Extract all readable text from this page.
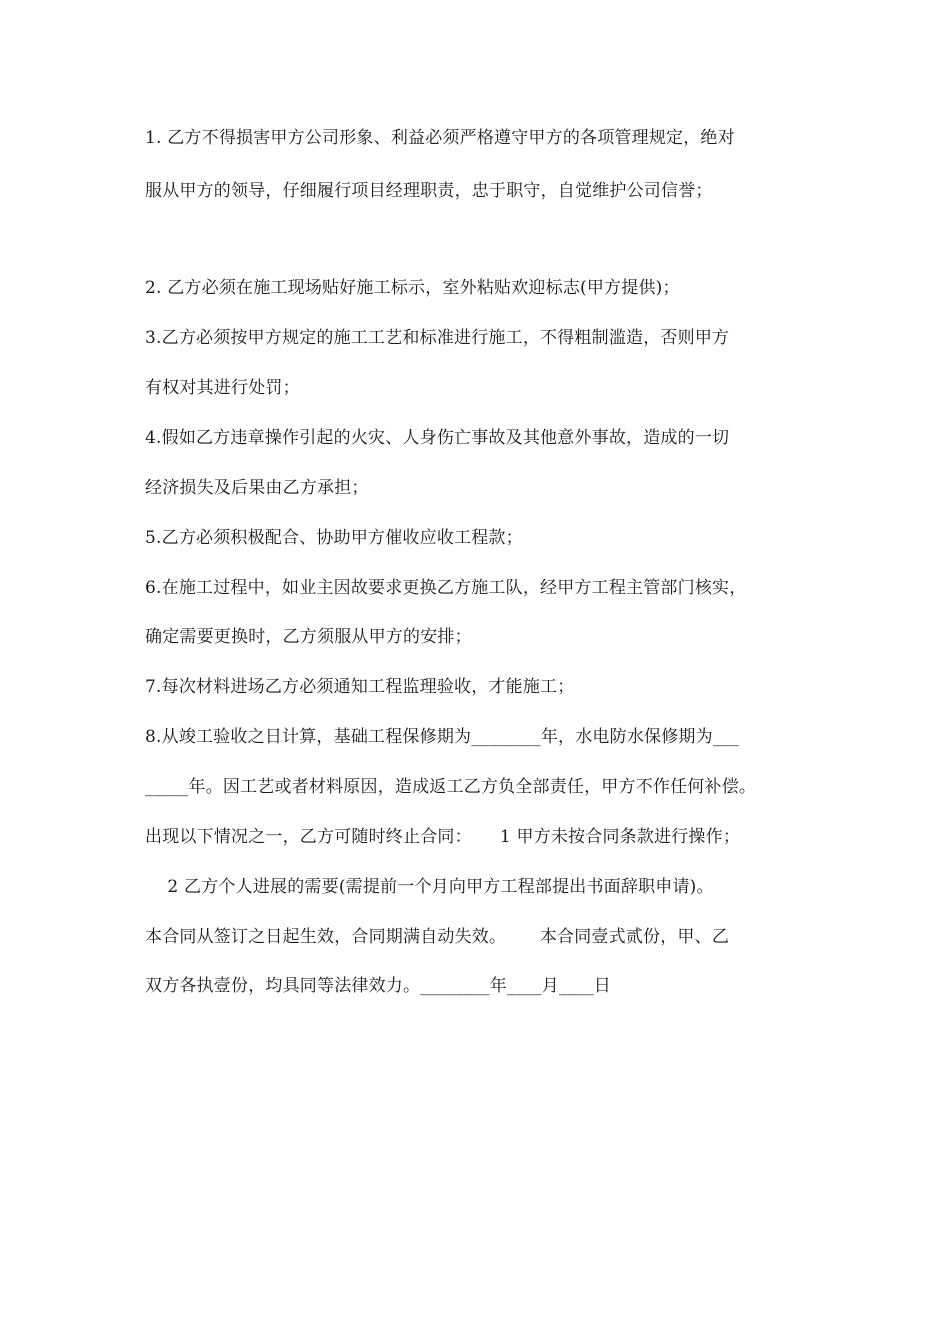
1. 乙方不得损害甲方公司形象、利益必须严格遵守甲方的各项管理规定，绝对
服从甲方的领导，仔细履行项目经理职责，忠于职守，自觉维护公司信誉；
2. 乙方必须在施工现场贴好施工标示，室外粘贴欢迎标志(甲方提供)；
3.乙方必须按甲方规定的施工工艺和标准进行施工，不得粗制滥造，否则甲方
有权对其进行处罚；
4.假如乙方违章操作引起的火灾、人身伤亡事故及其他意外事故，造成的一切
经济损失及后果由乙方承担；
5.乙方必须积极配合、协助甲方催收应收工程款；
6.在施工过程中，如业主因故要求更换乙方施工队，经甲方工程主管部门核实，
确定需要更换时，乙方须服从甲方的安排；
7.每次材料进场乙方必须通知工程监理验收，才能施工；
8.从竣工验收之日计算，基础工程保修期为________年，水电防水保修期为___
_____年。因工艺或者材料原因，造成返工乙方负全部责任，甲方不作任何补偿。
出现以下情况之一，乙方可随时终止合同：     1 甲方未按合同条款进行操作；
2 乙方个人进展的需要(需提前一个月向甲方工程部提出书面辞职申请)。
本合同从签订之日起生效，合同期满自动失效。      本合同壹式贰份，甲、乙
双方各执壹份，均具同等法律效力。________年____月____日
